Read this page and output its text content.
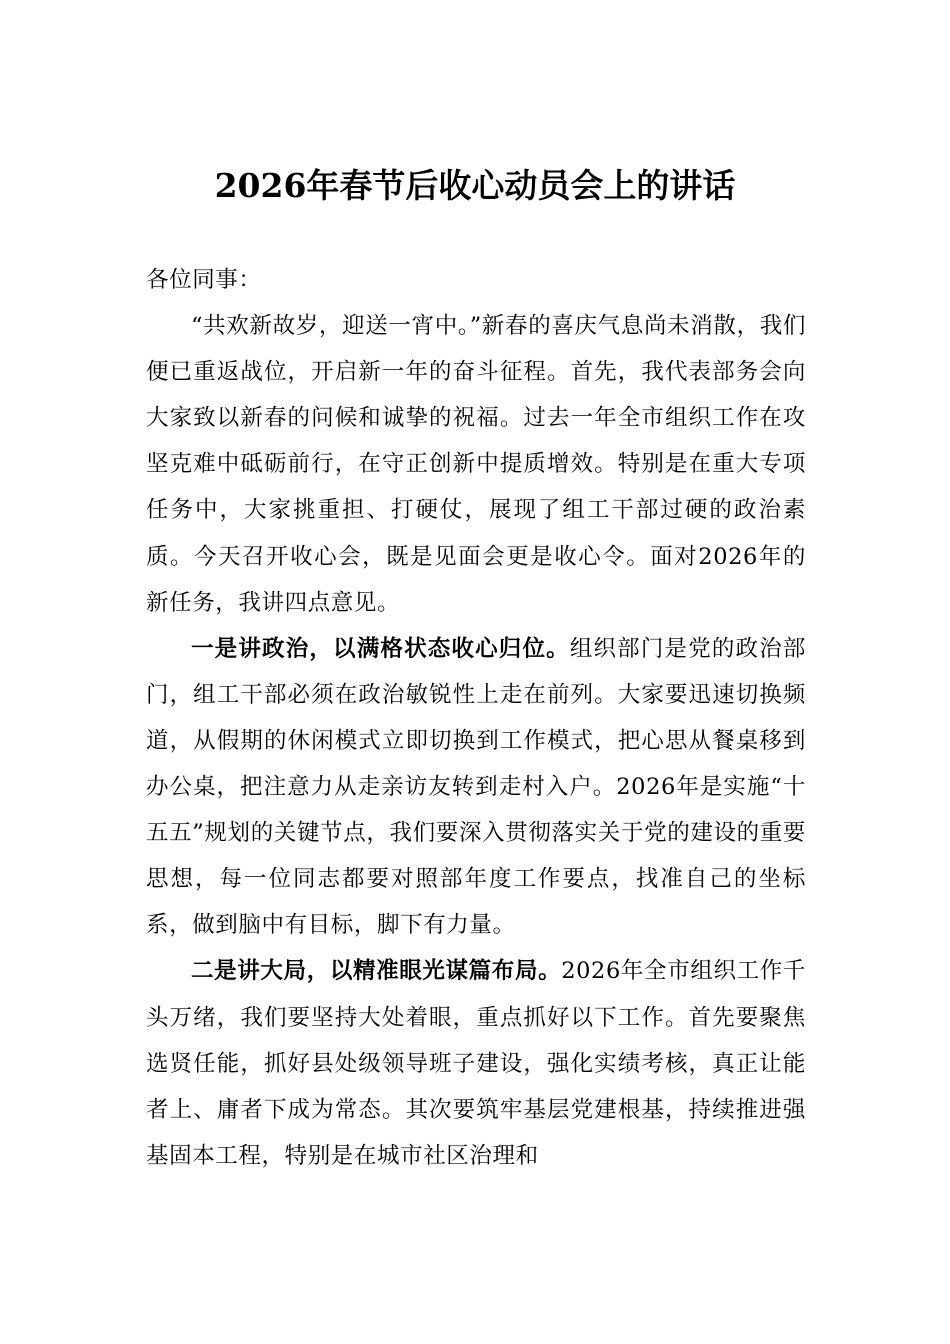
2026年春节后收心动员会上的讲话

各位同事：

“共欢新故岁，迎送一宵中。”新春的喜庆气息尚未消散，我们便已重返战位，开启新一年的奋斗征程。首先，我代表部务会向大家致以新春的问候和诚挚的祝福。过去一年全市组织工作在攻坚克难中砥砺前行，在守正创新中提质增效。特别是在重大专项任务中，大家挑重担、打硬仗，展现了组工干部过硬的政治素质。今天召开收心会，既是见面会更是收心令。面对2026年的新任务，我讲四点意见。

一是讲政治，以满格状态收心归位。组织部门是党的政治部门，组工干部必须在政治敏锐性上走在前列。大家要迅速切换频道，从假期的休闲模式立即切换到工作模式，把心思从餐桌移到办公桌，把注意力从走亲访友转到走村入户。2026年是实施“十五五”规划的关键节点，我们要深入贯彻落实关于党的建设的重要思想，每一位同志都要对照部年度工作要点，找准自己的坐标系，做到脑中有目标，脚下有力量。

二是讲大局，以精准眼光谋篇布局。2026年全市组织工作千头万绪，我们要坚持大处着眼，重点抓好以下工作。首先要聚焦选贤任能，抓好县处级领导班子建设，强化实绩考核，真正让能者上、庸者下成为常态。其次要筑牢基层党建根基，持续推进强基固本工程，特别是在城市社区治理和
